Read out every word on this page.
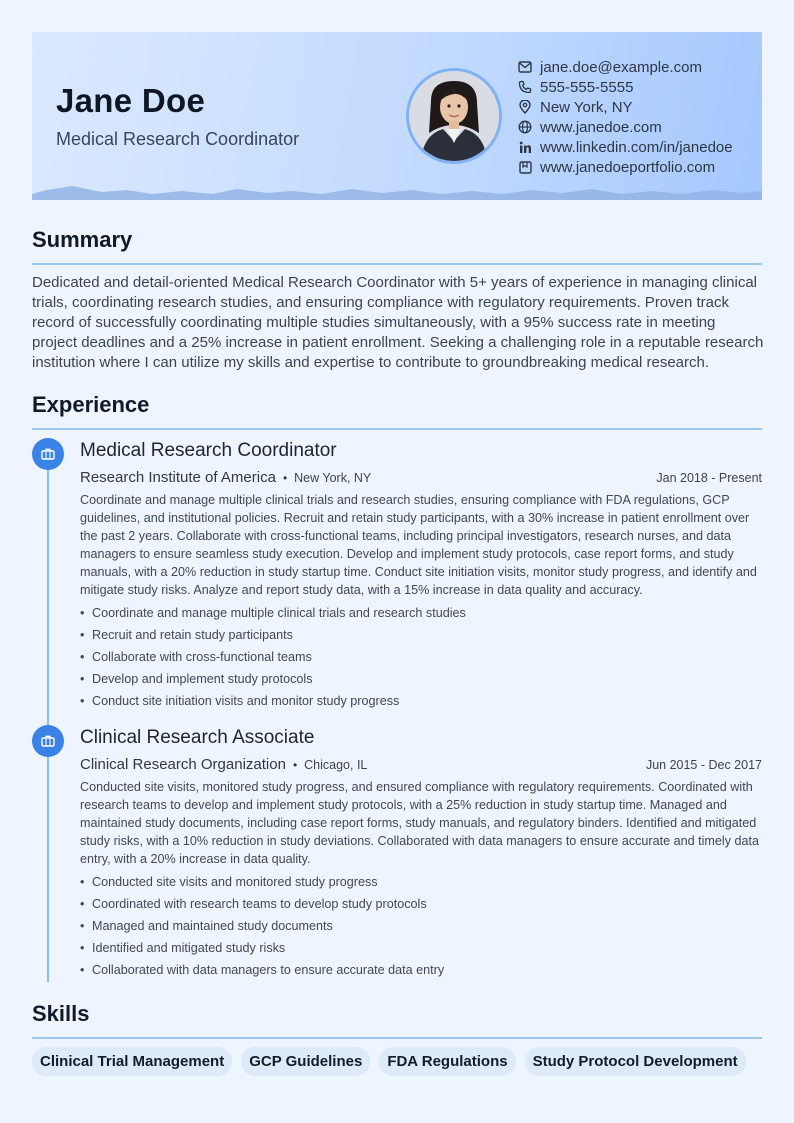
Jane Doe
Medical Research Coordinator
jane.doe@example.com
555-555-5555
New York, NY
www.janedoe.com
www.linkedin.com/in/janedoe
www.janedoeportfolio.com
Summary

Dedicated and detail-oriented Medical Research Coordinator with 5+ years of experience in managing clinical trials, coordinating research studies, and ensuring compliance with regulatory requirements. Proven track record of successfully coordinating multiple studies simultaneously, with a 95% success rate in meeting project deadlines and a 25% increase in patient enrollment. Seeking a challenging role in a reputable research institution where I can utilize my skills and expertise to contribute to groundbreaking medical research.

Experience
Medical Research Coordinator
Research Institute of America • New York, NY	Jan 2018 - Present

Coordinate and manage multiple clinical trials and research studies, ensuring compliance with FDA regulations, GCP guidelines, and institutional policies. Recruit and retain study participants, with a 30% increase in patient enrollment over the past 2 years. Collaborate with cross-functional teams, including principal investigators, research nurses, and data managers to ensure seamless study execution. Develop and implement study protocols, case report forms, and study manuals, with a 20% reduction in study startup time. Conduct site initiation visits, monitor study progress, and identify and mitigate study risks. Analyze and report study data, with a 15% increase in data quality and accuracy.

• Coordinate and manage multiple clinical trials and research studies
• Recruit and retain study participants
• Collaborate with cross-functional teams
• Develop and implement study protocols
• Conduct site initiation visits and monitor study progress
Clinical Research Associate
Clinical Research Organization • Chicago, IL	Jun 2015 - Dec 2017

Conducted site visits, monitored study progress, and ensured compliance with regulatory requirements. Coordinated with research teams to develop and implement study protocols, with a 25% reduction in study startup time. Managed and maintained study documents, including case report forms, study manuals, and regulatory binders. Identified and mitigated study risks, with a 10% reduction in study deviations. Collaborated with data managers to ensure accurate and timely data entry, with a 20% increase in data quality.

• Conducted site visits and monitored study progress
• Coordinated with research teams to develop study protocols
• Managed and maintained study documents
• Identified and mitigated study risks
• Collaborated with data managers to ensure accurate data entry
Skills
Clinical Trial Management	GCP Guidelines	FDA Regulations	Study Protocol Development
